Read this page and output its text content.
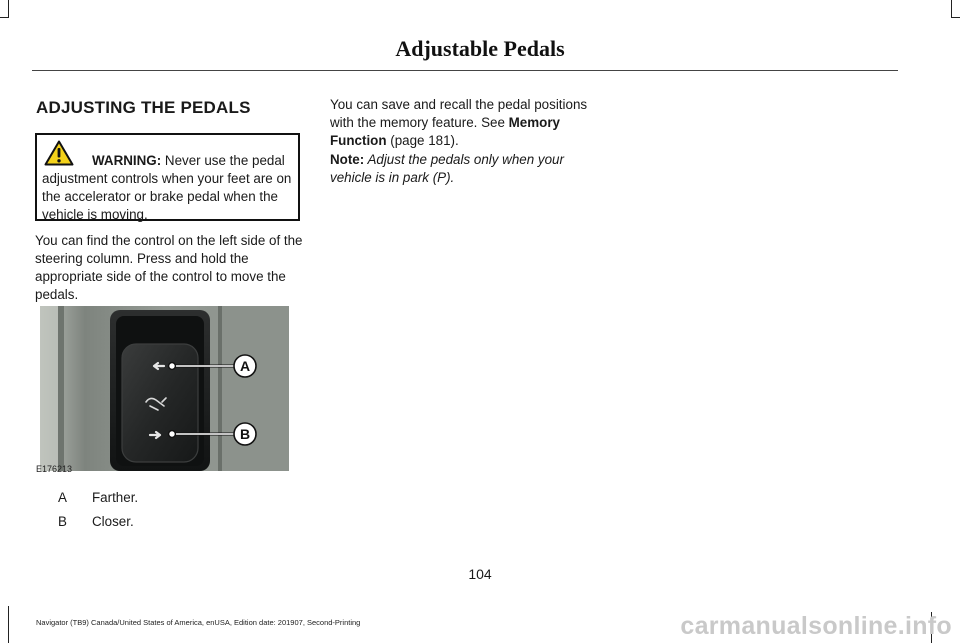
Adjustable Pedals
ADJUSTING THE PEDALS
WARNING: Never use the pedal
adjustment controls when your feet are on the accelerator or brake pedal when the vehicle is moving.
You can find the control on the left side of the steering column. Press and hold the appropriate side of the control to move the pedals.
A
B
E176213
A Farther.
B Closer.
You can save and recall the pedal positions with the memory feature. See Memory Function (page 181).
Note: Adjust the pedals only when your vehicle is in park (P).
104
Navigator (TB9) Canada/United States of America, enUSA, Edition date: 201907, Second-Printing	carmanualsonline.info
